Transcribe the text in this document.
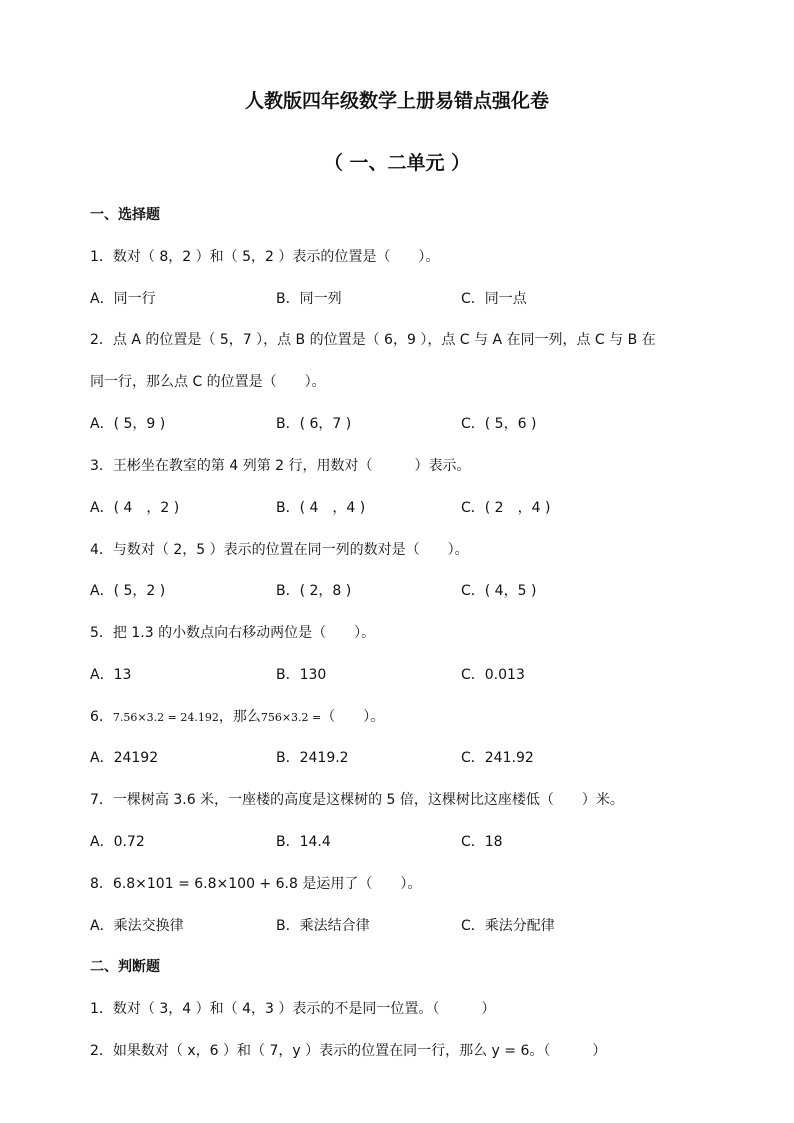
人教版四年级数学上册易错点强化卷
（ 一、二单元 ）
一、选择题
1．数对（ 8，2 ）和（ 5，2 ）表示的位置是（　　）。
A．同一行	B．同一列	C．同一点
2．点 A 的位置是（ 5，7 ），点 B 的位置是（ 6，9 ），点 C 与 A 在同一列，点 C 与 B 在
同一行，那么点 C 的位置是（　　）。
A．( 5，9 )	B．( 6，7 )	C．( 5，6 )
3．王彬坐在教室的第 4 列第 2 行，用数对（　　　）表示。
A．( 4　，2 )	B．( 4　，4 )	C．( 2　，4 )
4．与数对（ 2，5 ）表示的位置在同一列的数对是（　　）。
A．( 5，2 )	B．( 2，8 )	C．( 4，5 )
5．把 1.3 的小数点向右移动两位是（　　）。
A．13	B．130	C．0.013
6．7.56×3.2 = 24.192，那么756×3.2 =（　　）。
A．24192	B．2419.2	C．241.92
7．一棵树高 3.6 米，一座楼的高度是这棵树的 5 倍，这棵树比这座楼低（　　）米。
A．0.72	B．14.4	C．18
8．6.8×101 = 6.8×100 + 6.8 是运用了（　　）。
A．乘法交换律	B．乘法结合律	C．乘法分配律
二、判断题
1．数对（ 3，4 ）和（ 4，3 ）表示的不是同一位置。（　　　）
2．如果数对（ x，6 ）和（ 7，y ）表示的位置在同一行，那么 y = 6。（　　　）
